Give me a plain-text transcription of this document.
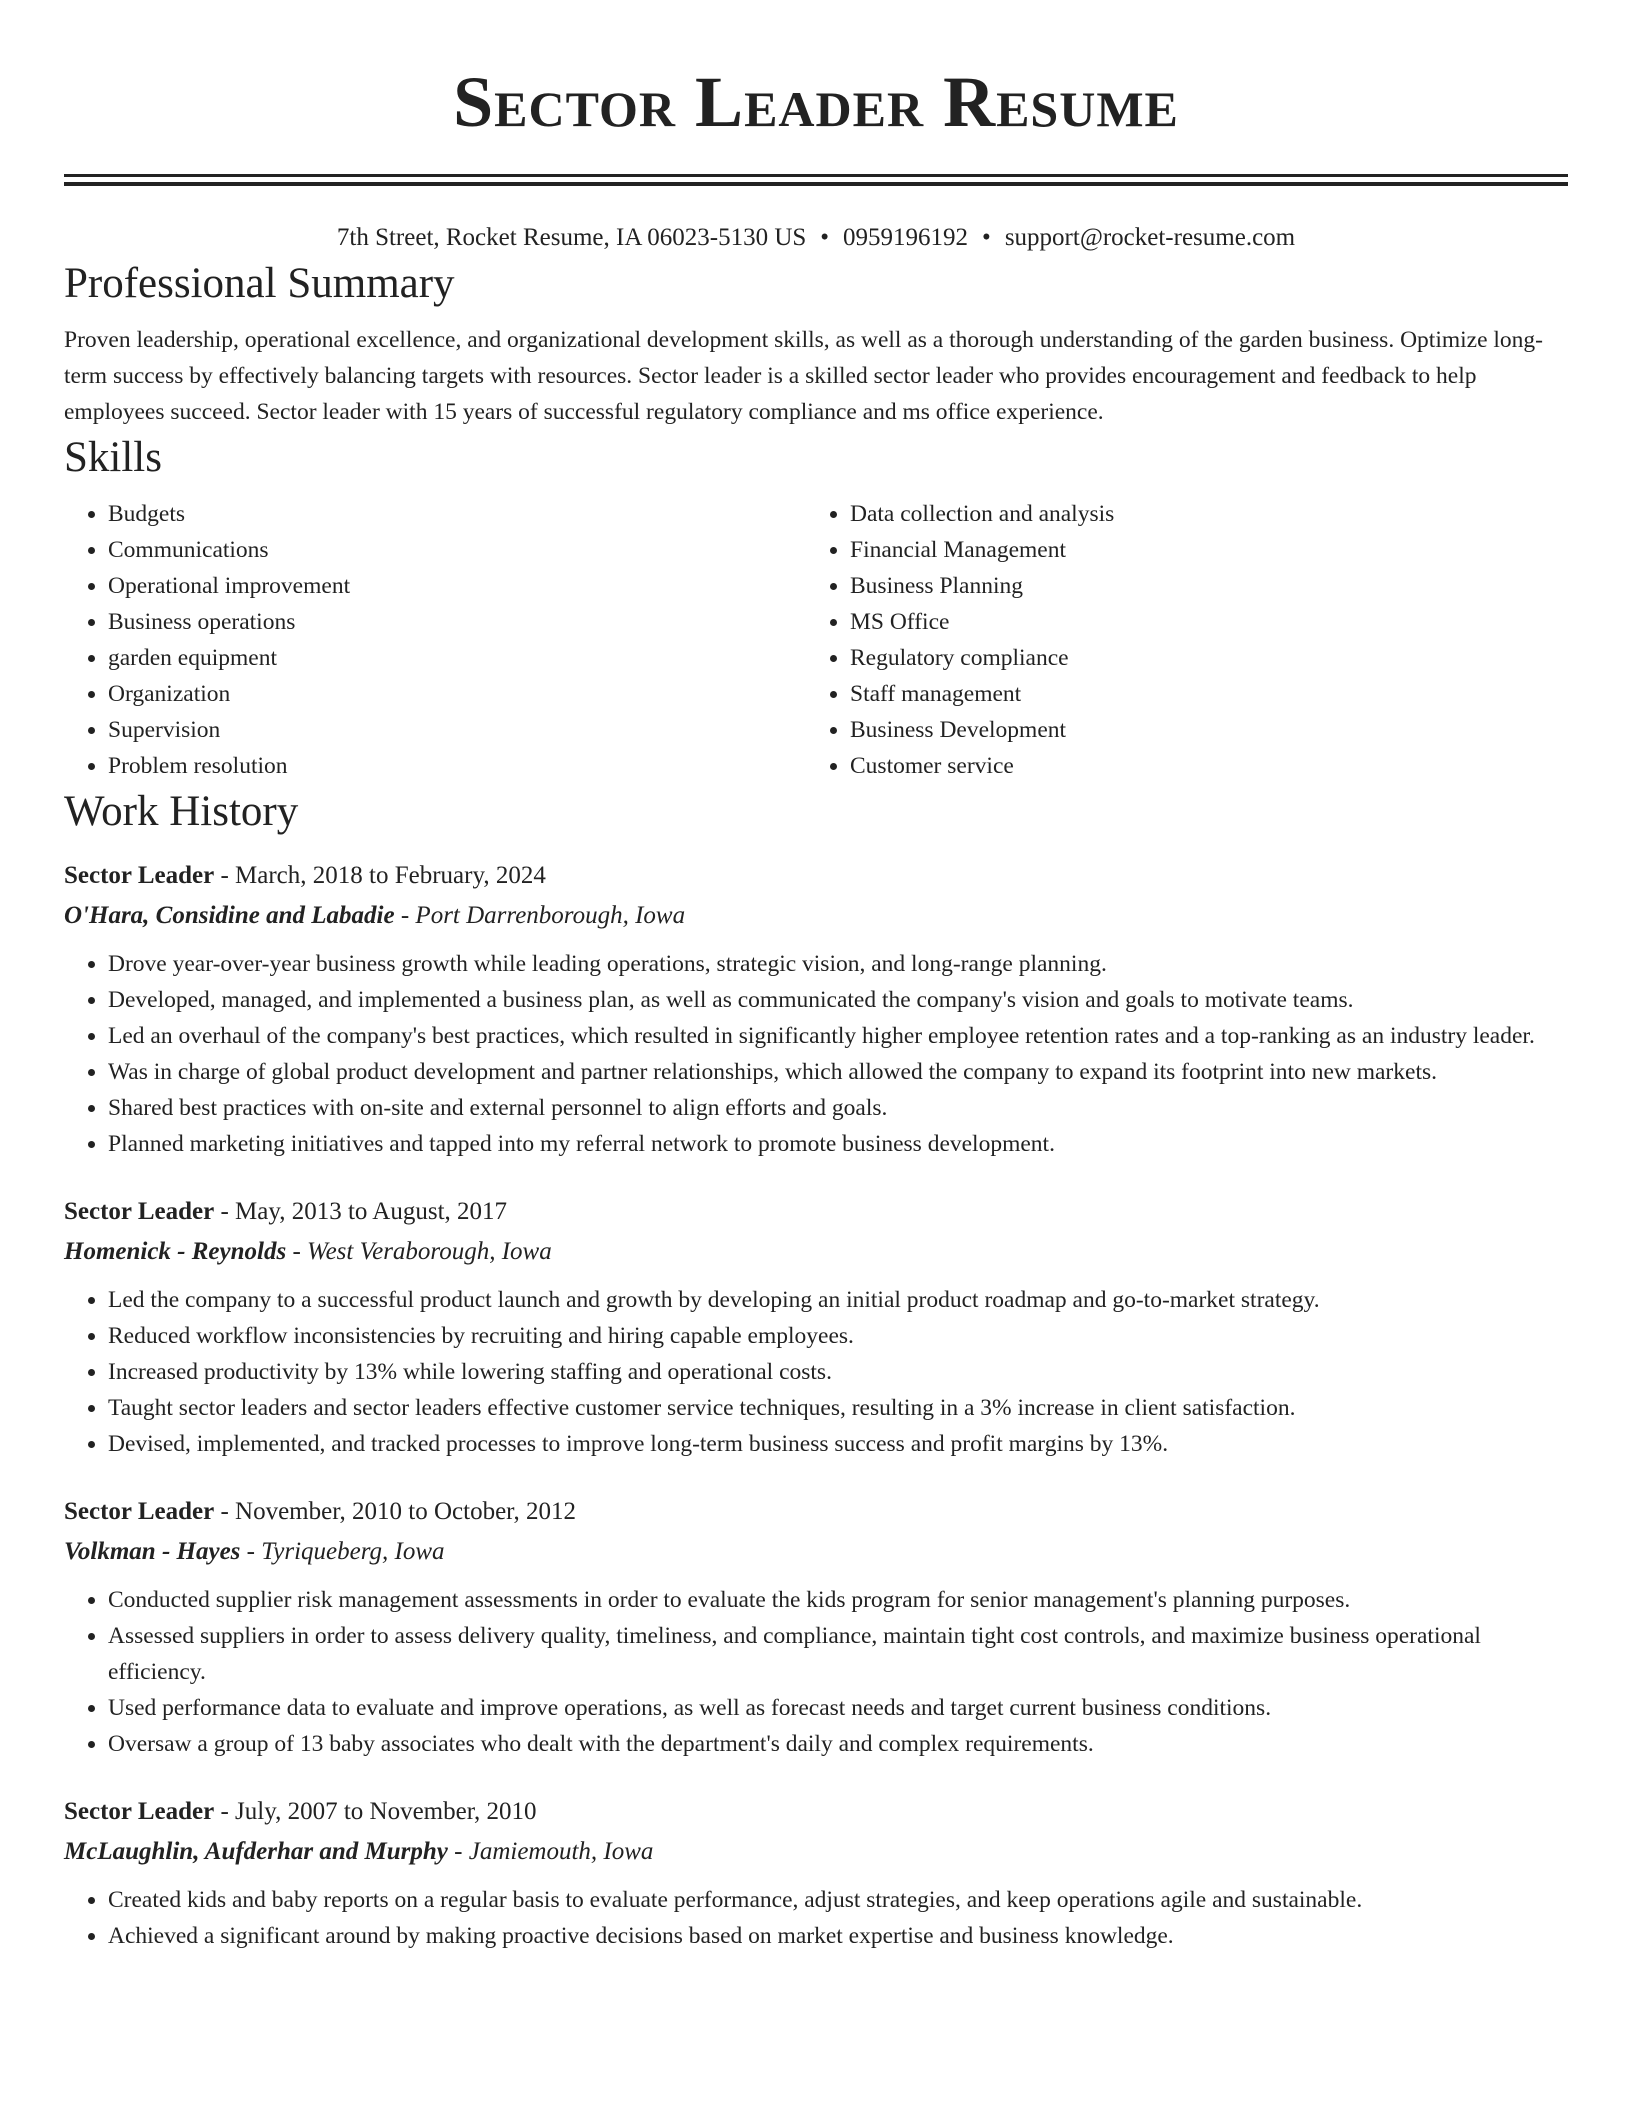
Sector Leader Resume
7th Street, Rocket Resume, IA 06023-5130 US • 0959196192 • support@rocket-resume.com
Professional Summary
Proven leadership, operational excellence, and organizational development skills, as well as a thorough understanding of the garden business. Optimize long-term success by effectively balancing targets with resources. Sector leader is a skilled sector leader who provides encouragement and feedback to help employees succeed. Sector leader with 15 years of successful regulatory compliance and ms office experience.
Skills
• Budgets
• Communications
• Operational improvement
• Business operations
• garden equipment
• Organization
• Supervision
• Problem resolution
• Data collection and analysis
• Financial Management
• Business Planning
• MS Office
• Regulatory compliance
• Staff management
• Business Development
• Customer service
Work History
Sector Leader - March, 2018 to February, 2024
O'Hara, Considine and Labadie - Port Darrenborough, Iowa
• Drove year-over-year business growth while leading operations, strategic vision, and long-range planning.
• Developed, managed, and implemented a business plan, as well as communicated the company's vision and goals to motivate teams.
• Led an overhaul of the company's best practices, which resulted in significantly higher employee retention rates and a top-ranking as an industry leader.
• Was in charge of global product development and partner relationships, which allowed the company to expand its footprint into new markets.
• Shared best practices with on-site and external personnel to align efforts and goals.
• Planned marketing initiatives and tapped into my referral network to promote business development.
Sector Leader - May, 2013 to August, 2017
Homenick - Reynolds - West Veraborough, Iowa
• Led the company to a successful product launch and growth by developing an initial product roadmap and go-to-market strategy.
• Reduced workflow inconsistencies by recruiting and hiring capable employees.
• Increased productivity by 13% while lowering staffing and operational costs.
• Taught sector leaders and sector leaders effective customer service techniques, resulting in a 3% increase in client satisfaction.
• Devised, implemented, and tracked processes to improve long-term business success and profit margins by 13%.
Sector Leader - November, 2010 to October, 2012
Volkman - Hayes - Tyriqueberg, Iowa
• Conducted supplier risk management assessments in order to evaluate the kids program for senior management's planning purposes.
• Assessed suppliers in order to assess delivery quality, timeliness, and compliance, maintain tight cost controls, and maximize business operational efficiency.
• Used performance data to evaluate and improve operations, as well as forecast needs and target current business conditions.
• Oversaw a group of 13 baby associates who dealt with the department's daily and complex requirements.
Sector Leader - July, 2007 to November, 2010
McLaughlin, Aufderhar and Murphy - Jamiemouth, Iowa
• Created kids and baby reports on a regular basis to evaluate performance, adjust strategies, and keep operations agile and sustainable.
• Achieved a significant around by making proactive decisions based on market expertise and business knowledge.
